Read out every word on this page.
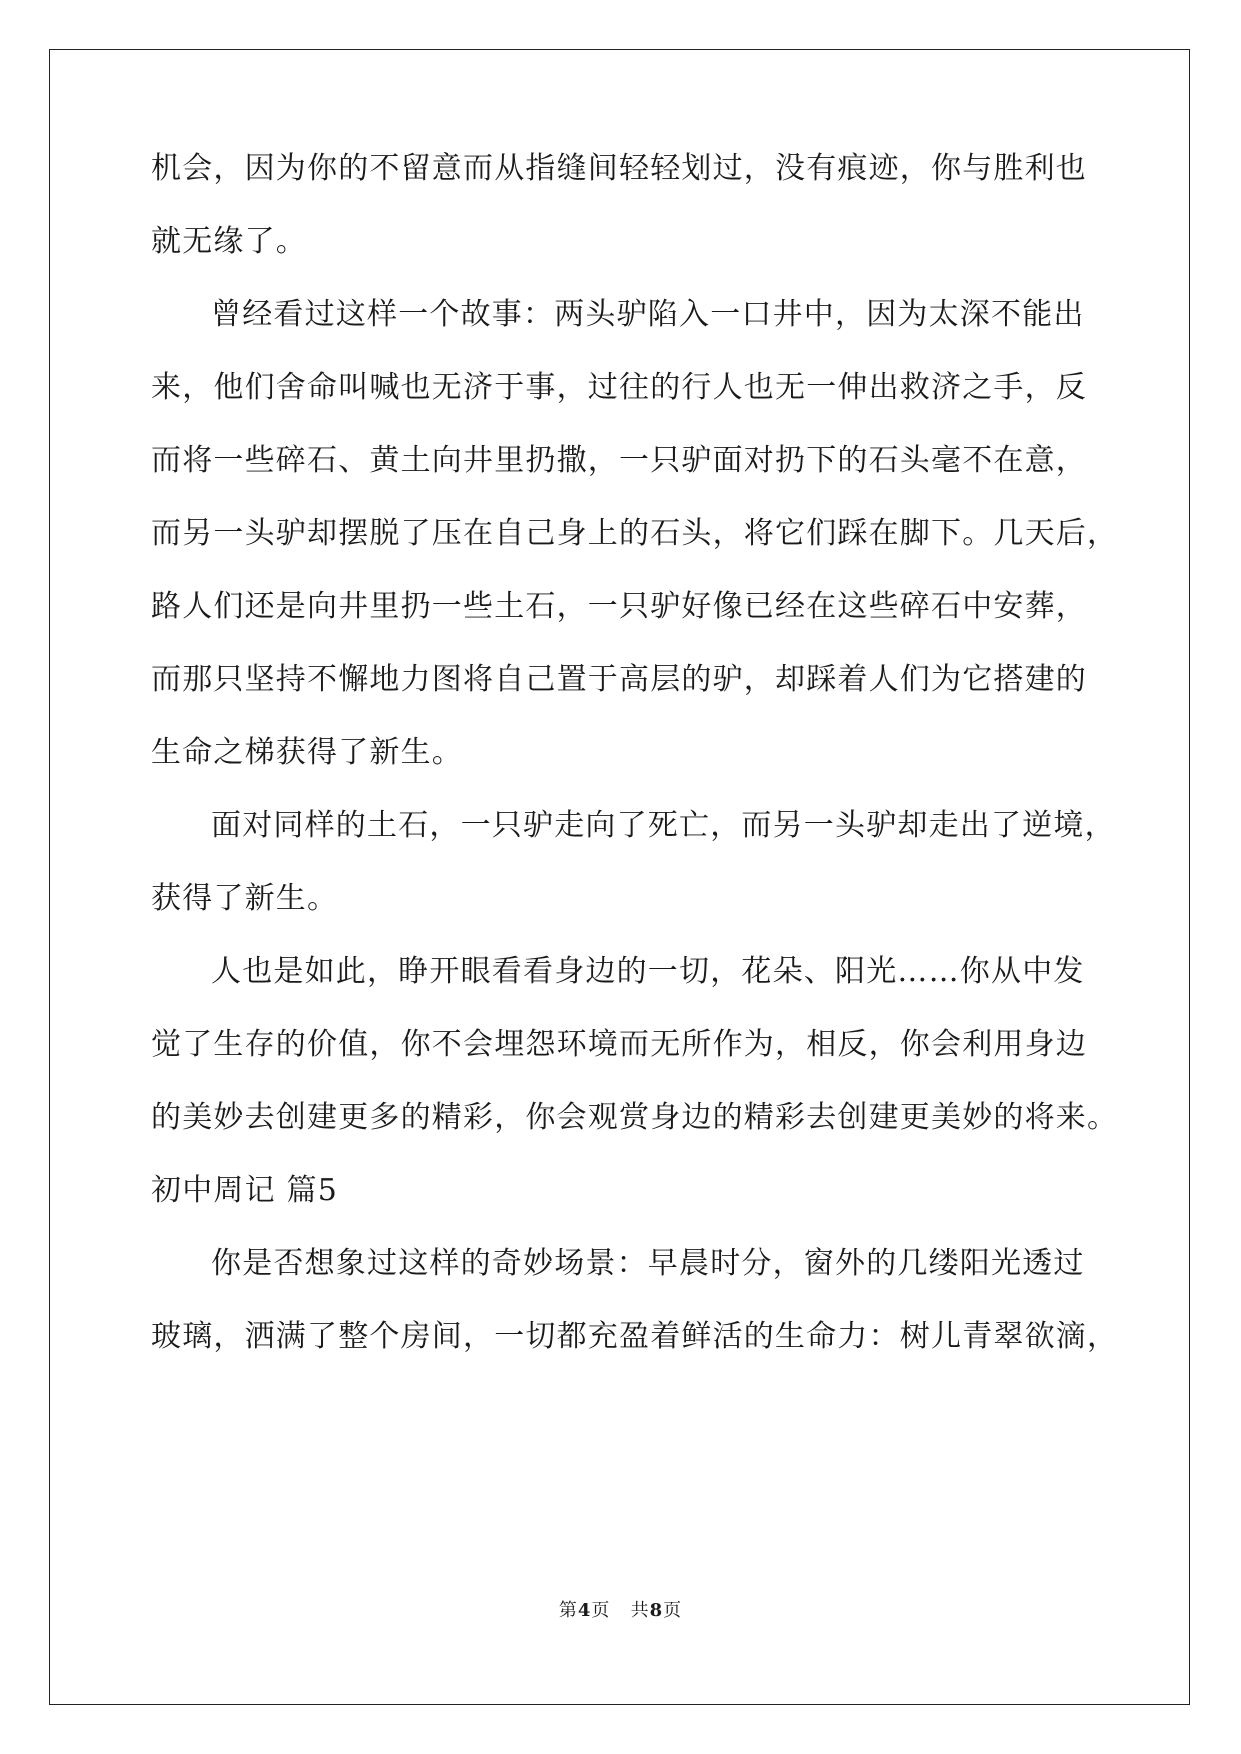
机会，因为你的不留意而从指缝间轻轻划过，没有痕迹，你与胜利也
就无缘了。
曾经看过这样一个故事：两头驴陷入一口井中，因为太深不能出
来，他们舍命叫喊也无济于事，过往的行人也无一伸出救济之手，反
而将一些碎石、黄土向井里扔撒，一只驴面对扔下的石头毫不在意，
而另一头驴却摆脱了压在自己身上的石头，将它们踩在脚下。几天后，
路人们还是向井里扔一些土石，一只驴好像已经在这些碎石中安葬，
而那只坚持不懈地力图将自己置于高层的驴，却踩着人们为它搭建的
生命之梯获得了新生。
面对同样的土石，一只驴走向了死亡，而另一头驴却走出了逆境，
获得了新生。
人也是如此，睁开眼看看身边的一切，花朵、阳光……你从中发
觉了生存的价值，你不会埋怨环境而无所作为，相反，你会利用身边
的美妙去创建更多的精彩，你会观赏身边的精彩去创建更美妙的将来。
初中周记 篇5
你是否想象过这样的奇妙场景：早晨时分，窗外的几缕阳光透过
玻璃，洒满了整个房间，一切都充盈着鲜活的生命力：树儿青翠欲滴，
第4页 共8页
